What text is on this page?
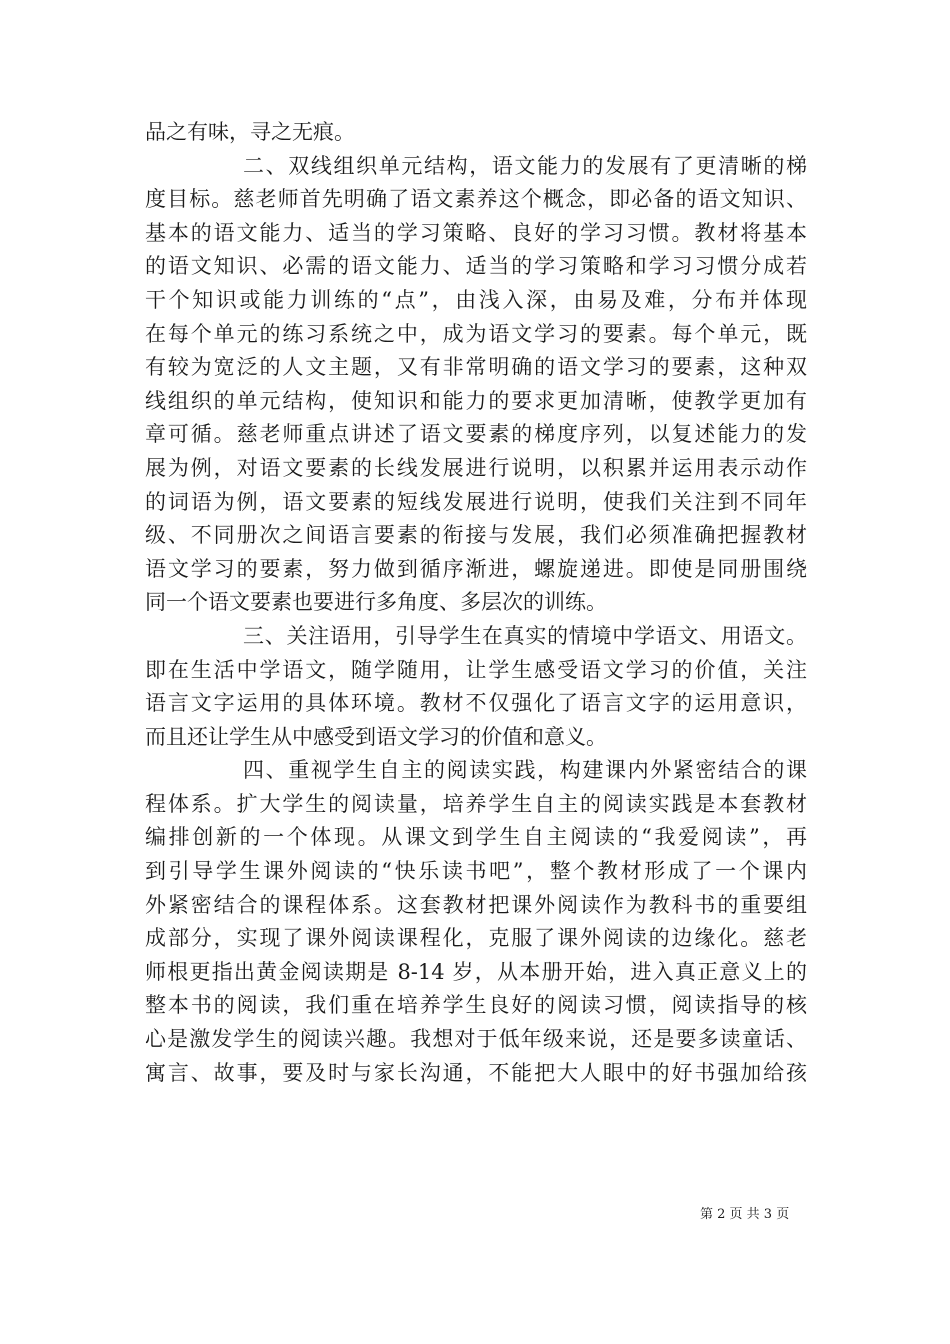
品之有味，寻之无痕。
二、双线组织单元结构，语文能力的发展有了更清晰的梯
度目标。慈老师首先明确了语文素养这个概念，即必备的语文知识、
基本的语文能力、适当的学习策略、良好的学习习惯。教材将基本
的语文知识、必需的语文能力、适当的学习策略和学习习惯分成若
干个知识或能力训练的“点”，由浅入深，由易及难，分布并体现
在每个单元的练习系统之中，成为语文学习的要素。每个单元，既
有较为宽泛的人文主题，又有非常明确的语文学习的要素，这种双
线组织的单元结构，使知识和能力的要求更加清晰，使教学更加有
章可循。慈老师重点讲述了语文要素的梯度序列，以复述能力的发
展为例，对语文要素的长线发展进行说明，以积累并运用表示动作
的词语为例，语文要素的短线发展进行说明，使我们关注到不同年
级、不同册次之间语言要素的衔接与发展，我们必须准确把握教材
语文学习的要素，努力做到循序渐进，螺旋递进。即使是同册围绕
同一个语文要素也要进行多角度、多层次的训练。
三、关注语用，引导学生在真实的情境中学语文、用语文。
即在生活中学语文，随学随用，让学生感受语文学习的价值，关注
语言文字运用的具体环境。教材不仅强化了语言文字的运用意识，
而且还让学生从中感受到语文学习的价值和意义。
四、重视学生自主的阅读实践，构建课内外紧密结合的课
程体系。扩大学生的阅读量，培养学生自主的阅读实践是本套教材
编排创新的一个体现。从课文到学生自主阅读的“我爱阅读”，再
到引导学生课外阅读的“快乐读书吧”，整个教材形成了一个课内
外紧密结合的课程体系。这套教材把课外阅读作为教科书的重要组
成部分，实现了课外阅读课程化，克服了课外阅读的边缘化。慈老
师根更指出黄金阅读期是 8-14 岁，从本册开始，进入真正意义上的
整本书的阅读，我们重在培养学生良好的阅读习惯，阅读指导的核
心是激发学生的阅读兴趣。我想对于低年级来说，还是要多读童话、
寓言、故事，要及时与家长沟通，不能把大人眼中的好书强加给孩
第 2 页 共 3 页
